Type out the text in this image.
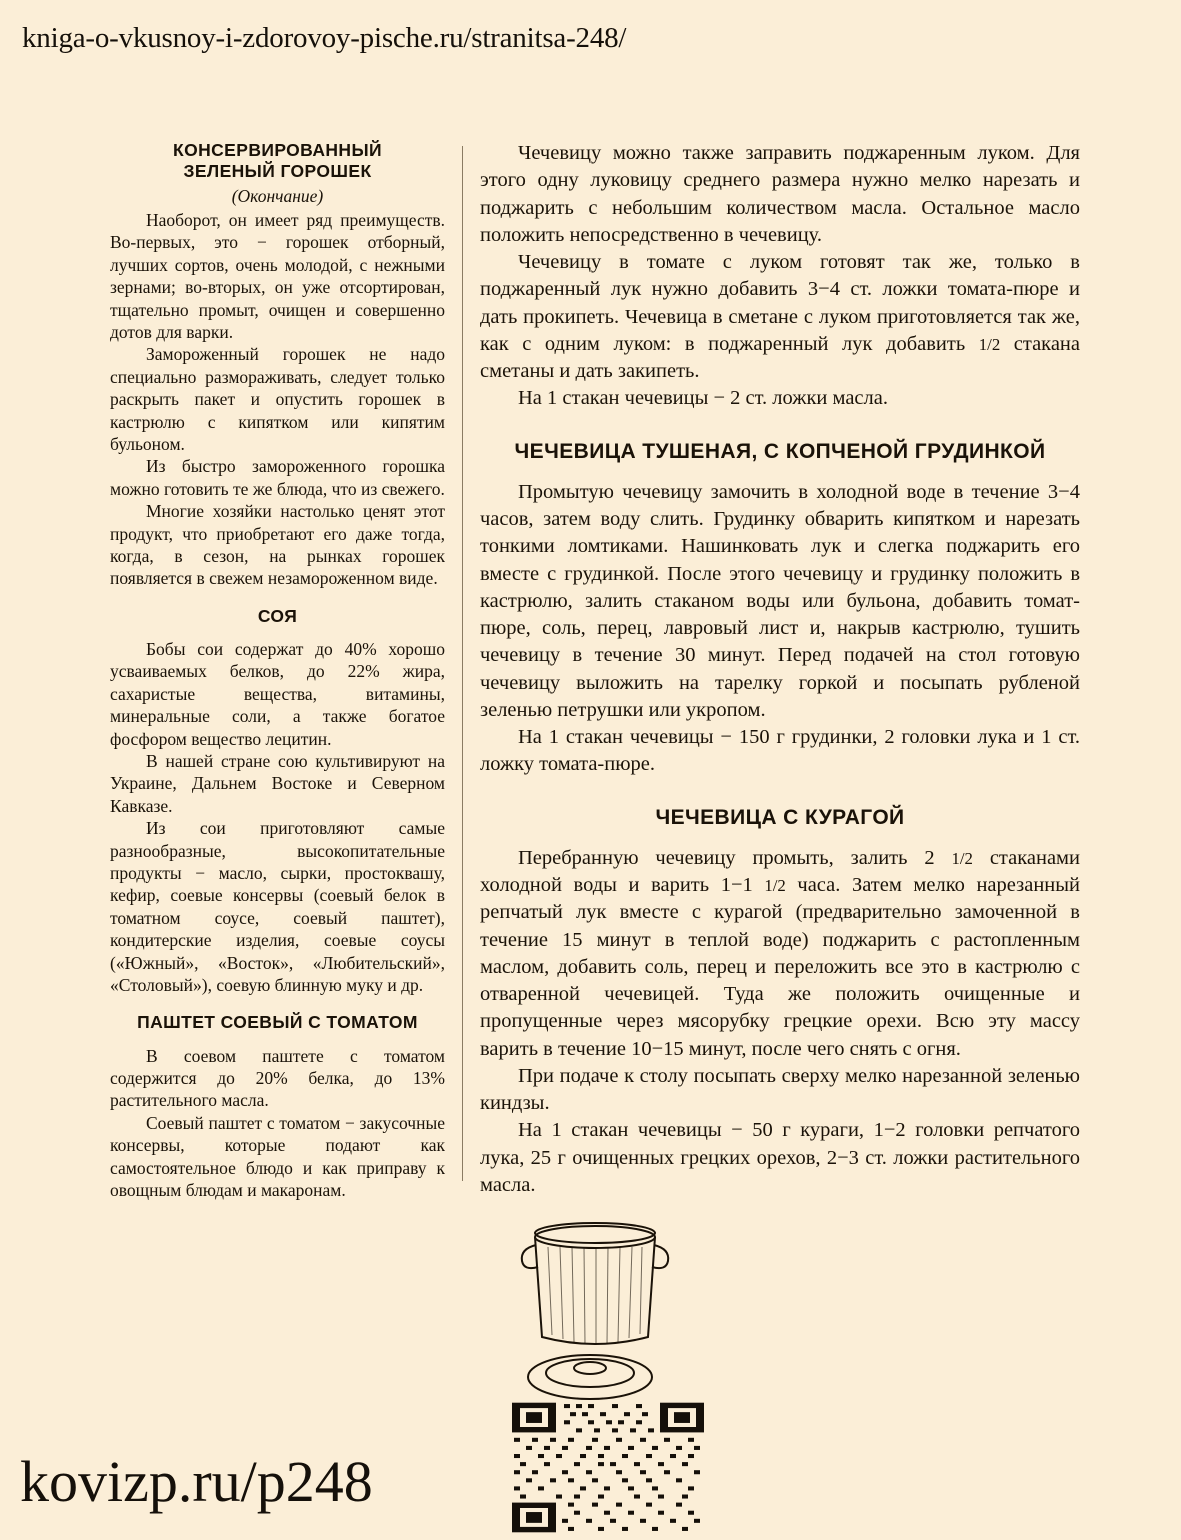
kniga-o-vkusnoy-i-zdorovoy-pische.ru/stranitsa-248/
КОНСЕРВИРОВАННЫЙ
ЗЕЛЕНЫЙ ГОРОШЕК
(Окончание)

Наоборот, он имеет ряд преимуществ. Во-первых, это − горошек отборный, лучших сортов, очень молодой, с нежными зернами; во-вторых, он уже отсортирован, тщательно промыт, очищен и совершенно дотов для варки.

Замороженный горошек не надо специально размораживать, следует только раскрыть пакет и опустить горошек в кастрюлю с кипятком или кипятим бульоном.

Из быстро замороженного горошка можно готовить те же блюда, что из свежего.

Многие хозяйки настолько ценят этот продукт, что приобретают его даже тогда, когда, в сезон, на рынках горошек появляется в свежем незамороженном виде.

СОЯ

Бобы сои содержат до 40% хорошо усваиваемых белков, до 22% жира, сахаристые вещества, витамины, минеральные соли, а также богатое фосфором вещество лецитин.

В нашей стране сою культивируют на Украине, Дальнем Востоке и Северном Кавказе.

Из сои приготовляют самые разнообразные, высокопитательные продукты − масло, сырки, простоквашу, кефир, соевые консервы (соевый белок в томатном соусе, соевый паштет), кондитерские изделия, соевые соусы («Южный», «Восток», «Любительский», «Столовый»), соевую блинную муку и др.

ПАШТЕТ СОЕВЫЙ С ТОМАТОМ

В соевом паштете с томатом содержится до 20% белка, до 13% растительного масла.

Соевый паштет с томатом − закусочные консервы, которые подают как самостоятельное блюдо и как приправу к овощным блюдам и макаронам.

Чечевицу можно также заправить поджаренным луком. Для этого одну луковицу среднего размера нужно мелко нарезать и поджарить с небольшим количеством масла. Остальное масло положить непосредственно в чечевицу.

Чечевицу в томате с луком готовят так же, только в поджаренный лук нужно добавить 3−4 ст. ложки томата-пюре и дать прокипеть. Чечевица в сметане с луком приготовляется так же, как с одним луком: в поджаренный лук добавить 1/2 стакана сметаны и дать закипеть.

На 1 стакан чечевицы − 2 ст. ложки масла.

ЧЕЧЕВИЦА ТУШЕНАЯ, С КОПЧЕНОЙ ГРУДИНКОЙ

Промытую чечевицу замочить в холодной воде в течение 3−4 часов, затем воду слить. Грудинку обварить кипятком и нарезать тонкими ломтиками. Нашинковать лук и слегка поджарить его вместе с грудинкой. После этого чечевицу и грудинку положить в кастрюлю, залить стаканом воды или бульона, добавить томат-пюре, соль, перец, лавровый лист и, накрыв кастрюлю, тушить чечевицу в течение 30 минут. Перед подачей на стол готовую чечевицу выложить на тарелку горкой и посыпать рубленой зеленью петрушки или укропом.

На 1 стакан чечевицы − 150 г грудинки, 2 головки лука и 1 ст. ложку томата-пюре.

ЧЕЧЕВИЦА С КУРАГОЙ

Перебранную чечевицу промыть, залить 2 1/2 стаканами холодной воды и варить 1−1 1/2 часа. Затем мелко нарезанный репчатый лук вместе с курагой (предварительно замоченной в течение 15 минут в теплой воде) поджарить с растопленным маслом, добавить соль, перец и переложить все это в кастрюлю с отваренной чечевицей. Туда же положить очищенные и пропущенные через мясорубку грецкие орехи. Всю эту массу варить в течение 10−15 минут, после чего снять с огня.

При подаче к столу посыпать сверху мелко нарезанной зеленью киндзы.

На 1 стакан чечевицы − 50 г кураги, 1−2 головки репчатого лука, 25 г очищенных грецких орехов, 2−3 ст. ложки растительного масла.

kovizp.ru/p248
